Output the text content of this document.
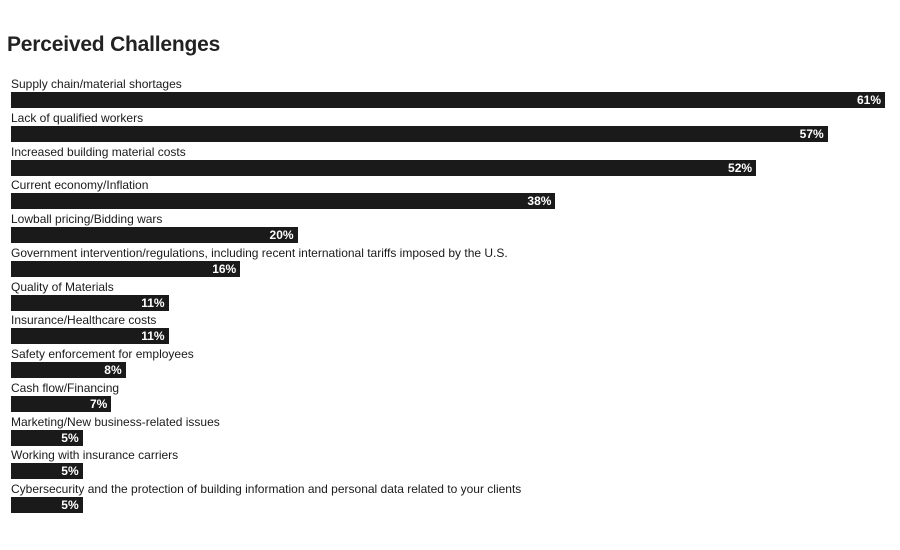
Perceived Challenges
Supply chain/material shortages
61%
Lack of qualified workers
57%
Increased building material costs
52%
Current economy/Inflation
38%
Lowball pricing/Bidding wars
20%
Government intervention/regulations, including recent international tariffs imposed by the U.S.
16%
Quality of Materials
11%
Insurance/Healthcare costs
11%
Safety enforcement for employees
8%
Cash flow/Financing
7%
Marketing/New business-related issues
5%
Working with insurance carriers
5%
Cybersecurity and the protection of building information and personal data related to your clients
5%
